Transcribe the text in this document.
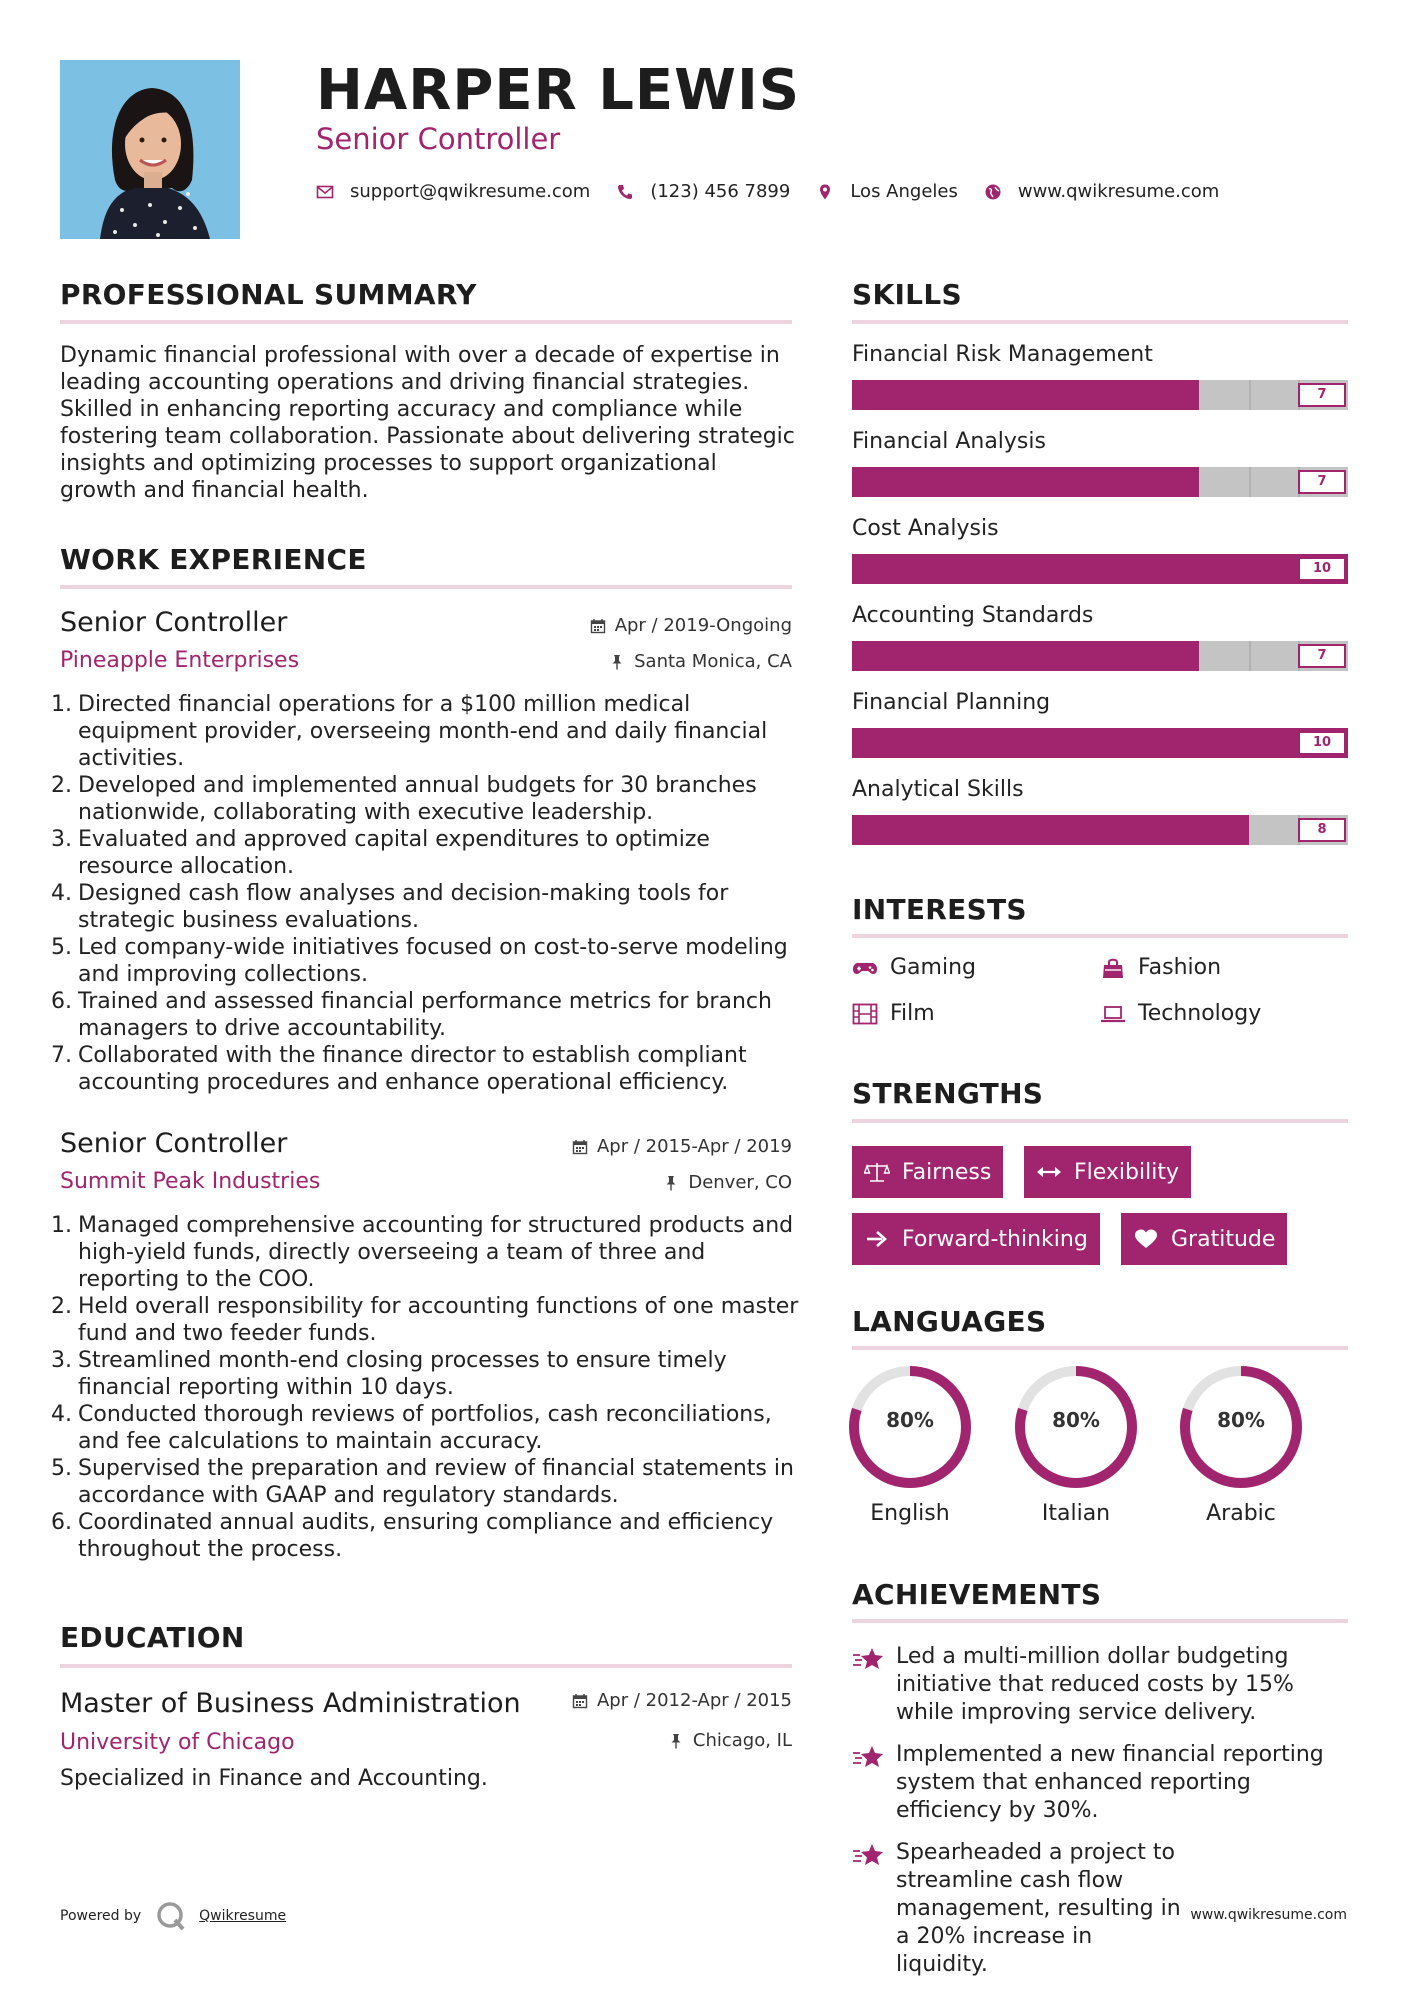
HARPER LEWIS
Senior Controller
support@qwikresume.com	(123) 456 7899	Los Angeles	www.qwikresume.com
PROFESSIONAL SUMMARY
Dynamic financial professional with over a decade of expertise in leading accounting operations and driving financial strategies. Skilled in enhancing reporting accuracy and compliance while fostering team collaboration. Passionate about delivering strategic insights and optimizing processes to support organizational growth and financial health.
WORK EXPERIENCE
Senior Controller	Apr / 2019-Ongoing
Pineapple Enterprises	Santa Monica, CA
1. Directed financial operations for a $100 million medical equipment provider, overseeing month-end and daily financial activities.
2. Developed and implemented annual budgets for 30 branches nationwide, collaborating with executive leadership.
3. Evaluated and approved capital expenditures to optimize resource allocation.
4. Designed cash flow analyses and decision-making tools for strategic business evaluations.
5. Led company-wide initiatives focused on cost-to-serve modeling and improving collections.
6. Trained and assessed financial performance metrics for branch managers to drive accountability.
7. Collaborated with the finance director to establish compliant accounting procedures and enhance operational efficiency.
Senior Controller	Apr / 2015-Apr / 2019
Summit Peak Industries	Denver, CO
1. Managed comprehensive accounting for structured products and high-yield funds, directly overseeing a team of three and reporting to the COO.
2. Held overall responsibility for accounting functions of one master fund and two feeder funds.
3. Streamlined month-end closing processes to ensure timely financial reporting within 10 days.
4. Conducted thorough reviews of portfolios, cash reconciliations, and fee calculations to maintain accuracy.
5. Supervised the preparation and review of financial statements in accordance with GAAP and regulatory standards.
6. Coordinated annual audits, ensuring compliance and efficiency throughout the process.
EDUCATION
Master of Business Administration	Apr / 2012-Apr / 2015
University of Chicago	Chicago, IL
Specialized in Finance and Accounting.
SKILLS
Financial Risk Management
7
Financial Analysis
7
Cost Analysis
10
Accounting Standards
7
Financial Planning
10
Analytical Skills
8
INTERESTS
Gaming	Fashion
Film	Technology
STRENGTHS
Fairness	Flexibility
Forward-thinking	Gratitude
LANGUAGES
80%
English
80%
Italian
80%
Arabic
ACHIEVEMENTS
Led a multi-million dollar budgeting initiative that reduced costs by 15% while improving service delivery.
Implemented a new financial reporting system that enhanced reporting efficiency by 30%.
Spearheaded a project to streamline cash flow management, resulting in a 20% increase in liquidity.
Powered by	Qwikresume	www.qwikresume.com
